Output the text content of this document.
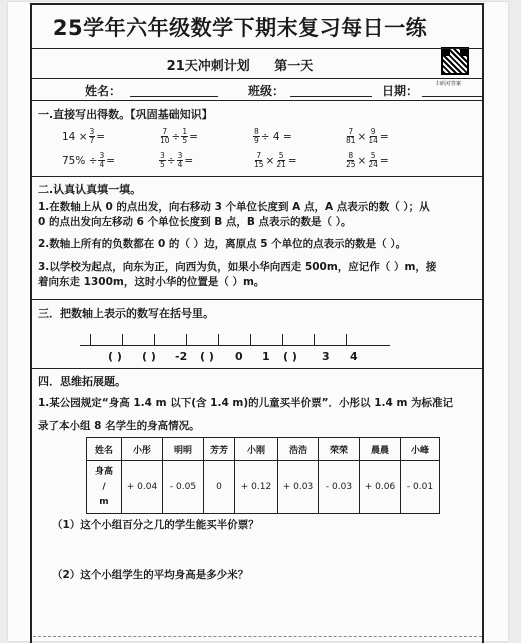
25学年六年级数学下期末复习每日一练
21天冲刺计划 第一天
扫码对答案
姓名：	班级：	日期：
一.直接写出得数。【巩固基础知识】
$14 \times \frac{3}{7}$ =	$\frac{7}{10} \div \frac{1}{5}$ =	$\frac{8}{9} \div 4$ =	$\frac{7}{81} \times \frac{9}{14}$ =
$75\% \div \frac{3}{4}$ =	$\frac{3}{5} \div \frac{3}{4}$ =	$\frac{7}{15} \times \frac{5}{21}$ =	$\frac{8}{25} \times \frac{5}{24}$ =
二.认真认真填一填。
1.在数轴上从 0 的点出发，向右移动 3 个单位长度到 A 点，A 点表示的数（ ）；从
0 的点出发向左移动 6 个单位长度到 B 点，B 点表示的数是（ ）。
2.数轴上所有的负数都在 0 的（ ）边，离原点 5 个单位的点表示的数是（ ）。
3.以学校为起点，向东为正，向西为负，如果小华向西走 500m，应记作（ ）m，接
着向东走 1300m，这时小华的位置是（ ）m。
三．把数轴上表示的数写在括号里。
( ) ( ) -2 ( ) 0 1 ( ) 3 4
四．思维拓展题。
1.某公园规定“身高 1.4 m 以下(含 1.4 m)的儿童买半价票”．小彤以 1.4 m 为标准记
录了本小组 8 名学生的身高情况。
姓名	小彤	明明	芳芳	小刚	浩浩	荣荣	晨晨	小峰

身高
/
m	+ 0.04	- 0.05	0	+ 0.12	+ 0.03	- 0.03	+ 0.06	- 0.01
（1）这个小组百分之几的学生能买半价票？
（2）这个小组学生的平均身高是多少米？
